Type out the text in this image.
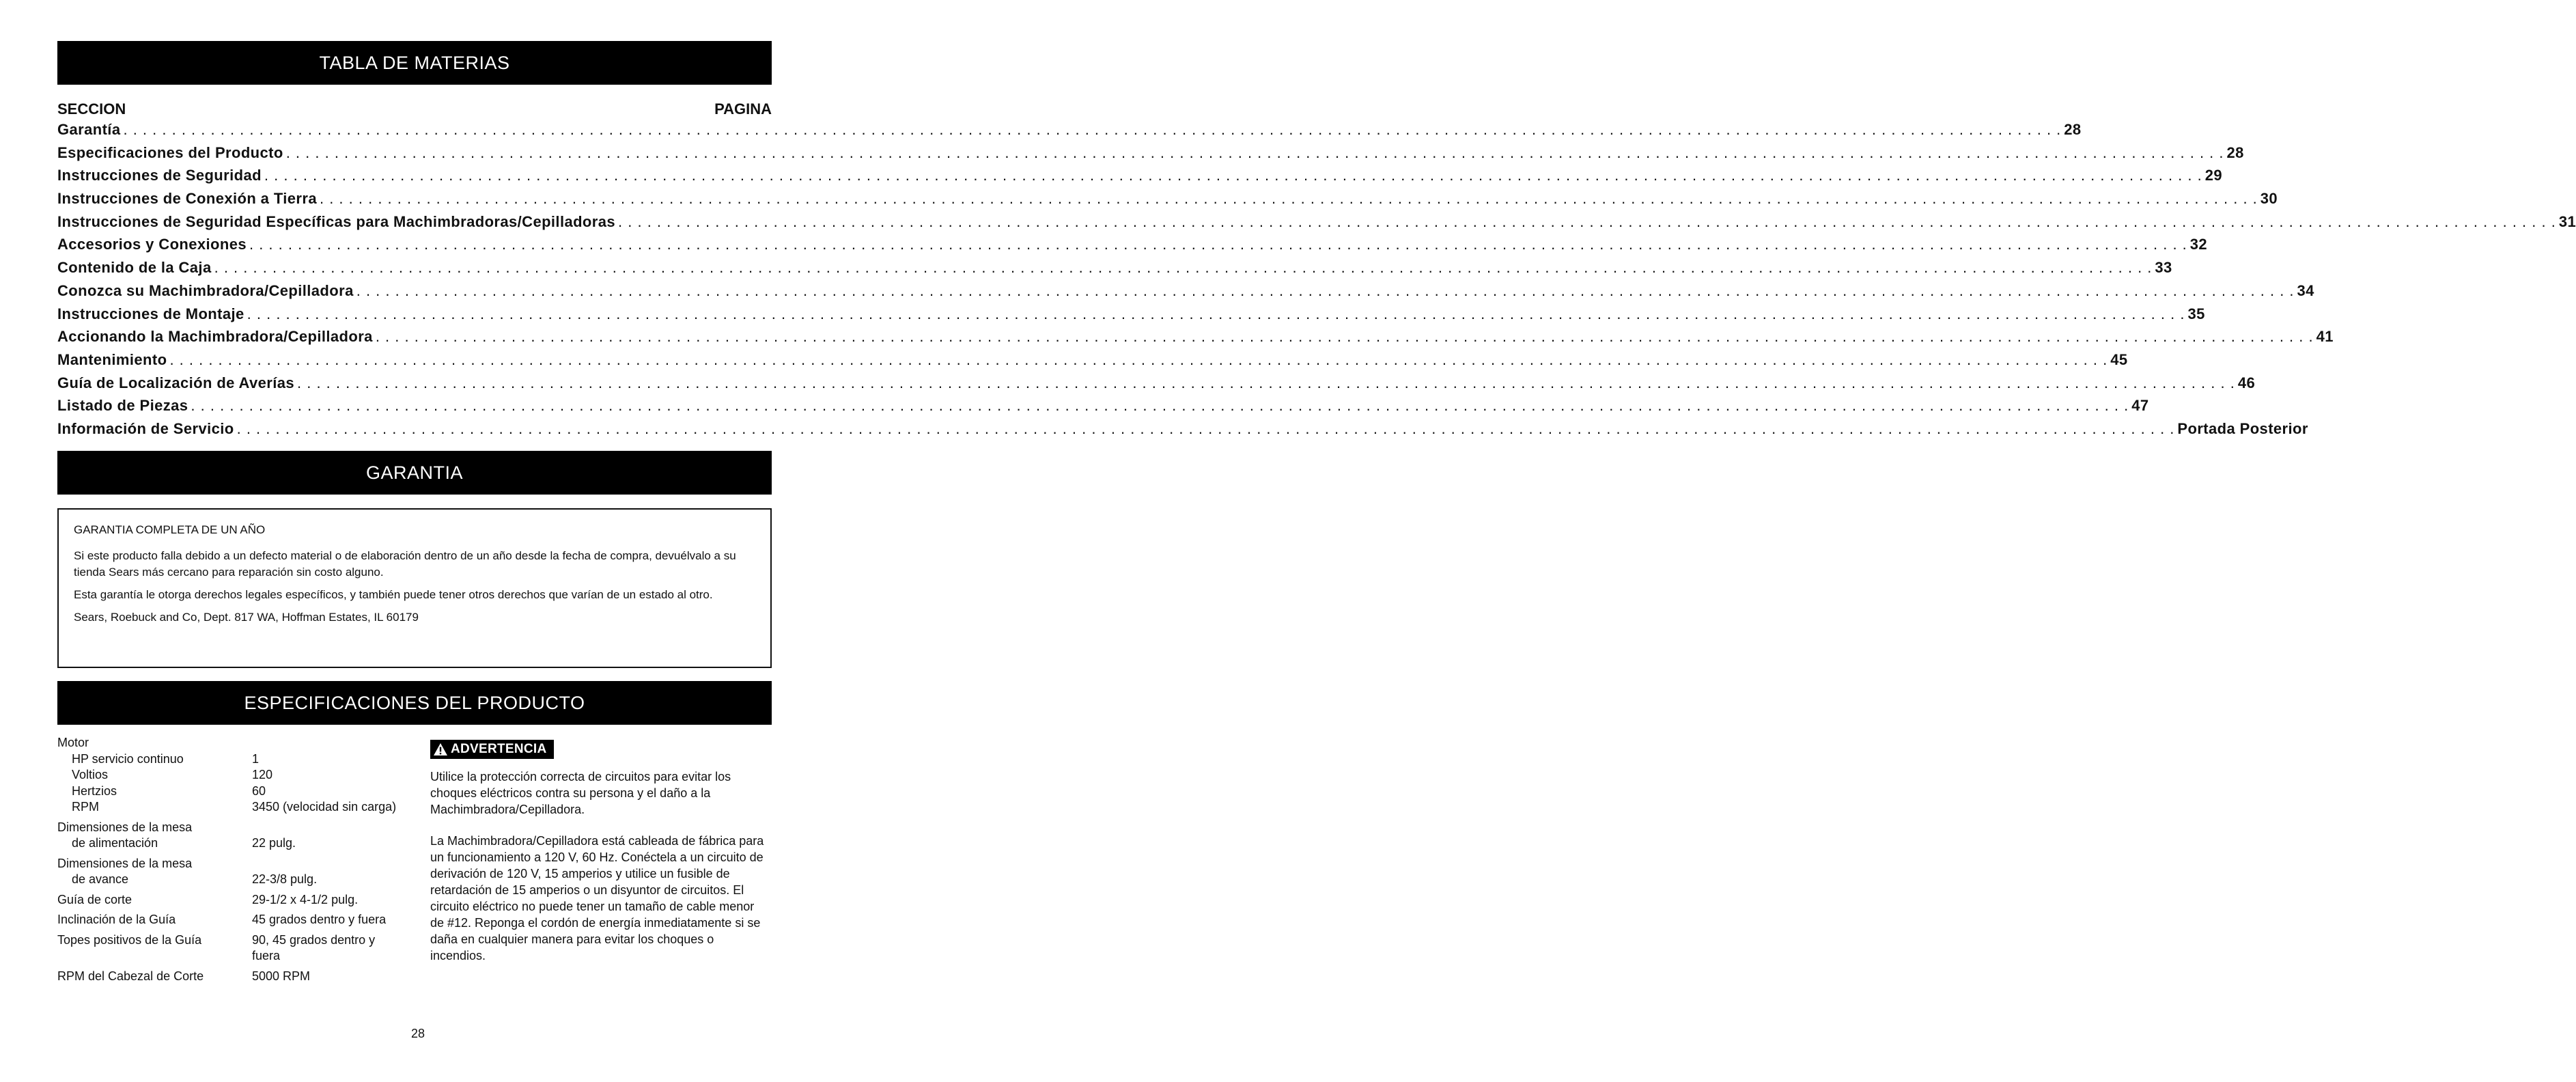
TABLA DE MATERIAS
SECCION	PAGINA
Garantía . . . . . . . . . . . . . . . . . . . . . . . . . . . . . . . . . . . . . . . . . . . . . . . . . . . . . . . . . . . . . . . . . . . . . . . . . . . . . . . . . . . . . . . . . . . . . . . . . . . . . . . . . . . . . . . . . . . . . . . . . . . . . . . . . . . . . . . . . . . . . . . . . . . . . . . . . . . . . . . . . . . . . . . . . . . . . . . . . . . . . . . . . . . . . . . . . . . . . . . . 28
Especificaciones del Producto . . . . . . . . . . . . . . . . . . . . . . . . . . . . . . . . . . . . . . . . . . . . . . . . . . . . . . . . . . . . . . . . . . . . . . . . . . . . . . . . . . . . . . . . . . . . . . . . . . . . . . . . . . . . . . . . . . . . . . . . . . . . . . . . . . . . . . . . . . . . . . . . . . . . . . . . . . . . . . . . . . . . . . . . . . . . . . . . . . . . . . . . . . . . . . . . . . . . . . . . 28
Instrucciones de Seguridad . . . . . . . . . . . . . . . . . . . . . . . . . . . . . . . . . . . . . . . . . . . . . . . . . . . . . . . . . . . . . . . . . . . . . . . . . . . . . . . . . . . . . . . . . . . . . . . . . . . . . . . . . . . . . . . . . . . . . . . . . . . . . . . . . . . . . . . . . . . . . . . . . . . . . . . . . . . . . . . . . . . . . . . . . . . . . . . . . . . . . . . . . . . . . . . . . . . . . . . . 29
Instrucciones de Conexión a Tierra . . . . . . . . . . . . . . . . . . . . . . . . . . . . . . . . . . . . . . . . . . . . . . . . . . . . . . . . . . . . . . . . . . . . . . . . . . . . . . . . . . . . . . . . . . . . . . . . . . . . . . . . . . . . . . . . . . . . . . . . . . . . . . . . . . . . . . . . . . . . . . . . . . . . . . . . . . . . . . . . . . . . . . . . . . . . . . . . . . . . . . . . . . . . . . . . . . . . . . . . 30
Instrucciones de Seguridad Específicas para Machimbradoras/Cepilladoras . . . . . . . . . . . . . . . . . . . . . . . . . . . . . . . . . . . . . . . . . . . . . . . . . . . . . . . . . . . . . . . . . . . . . . . . . . . . . . . . . . . . . . . . . . . . . . . . . . . . . . . . . . . . . . . . . . . . . . . . . . . . . . . . . . . . . . . . . . . . . . . . . . . . . . . . . . . . . . . . . . . . . . . . . . . . . . . . . . . . . . . . . . . . . . . . . . . . . . . . 31
Accesorios y Conexiones . . . . . . . . . . . . . . . . . . . . . . . . . . . . . . . . . . . . . . . . . . . . . . . . . . . . . . . . . . . . . . . . . . . . . . . . . . . . . . . . . . . . . . . . . . . . . . . . . . . . . . . . . . . . . . . . . . . . . . . . . . . . . . . . . . . . . . . . . . . . . . . . . . . . . . . . . . . . . . . . . . . . . . . . . . . . . . . . . . . . . . . . . . . . . . . . . . . . . . . . 32
Contenido de la Caja . . . . . . . . . . . . . . . . . . . . . . . . . . . . . . . . . . . . . . . . . . . . . . . . . . . . . . . . . . . . . . . . . . . . . . . . . . . . . . . . . . . . . . . . . . . . . . . . . . . . . . . . . . . . . . . . . . . . . . . . . . . . . . . . . . . . . . . . . . . . . . . . . . . . . . . . . . . . . . . . . . . . . . . . . . . . . . . . . . . . . . . . . . . . . . . . . . . . . . . . 33
Conozca su Machimbradora/Cepilladora . . . . . . . . . . . . . . . . . . . . . . . . . . . . . . . . . . . . . . . . . . . . . . . . . . . . . . . . . . . . . . . . . . . . . . . . . . . . . . . . . . . . . . . . . . . . . . . . . . . . . . . . . . . . . . . . . . . . . . . . . . . . . . . . . . . . . . . . . . . . . . . . . . . . . . . . . . . . . . . . . . . . . . . . . . . . . . . . . . . . . . . . . . . . . . . . . . . . . . . . 34
Instrucciones de Montaje . . . . . . . . . . . . . . . . . . . . . . . . . . . . . . . . . . . . . . . . . . . . . . . . . . . . . . . . . . . . . . . . . . . . . . . . . . . . . . . . . . . . . . . . . . . . . . . . . . . . . . . . . . . . . . . . . . . . . . . . . . . . . . . . . . . . . . . . . . . . . . . . . . . . . . . . . . . . . . . . . . . . . . . . . . . . . . . . . . . . . . . . . . . . . . . . . . . . . . . . 35
Accionando la Machimbradora/Cepilladora . . . . . . . . . . . . . . . . . . . . . . . . . . . . . . . . . . . . . . . . . . . . . . . . . . . . . . . . . . . . . . . . . . . . . . . . . . . . . . . . . . . . . . . . . . . . . . . . . . . . . . . . . . . . . . . . . . . . . . . . . . . . . . . . . . . . . . . . . . . . . . . . . . . . . . . . . . . . . . . . . . . . . . . . . . . . . . . . . . . . . . . . . . . . . . . . . . . . . . . . 41
Mantenimiento . . . . . . . . . . . . . . . . . . . . . . . . . . . . . . . . . . . . . . . . . . . . . . . . . . . . . . . . . . . . . . . . . . . . . . . . . . . . . . . . . . . . . . . . . . . . . . . . . . . . . . . . . . . . . . . . . . . . . . . . . . . . . . . . . . . . . . . . . . . . . . . . . . . . . . . . . . . . . . . . . . . . . . . . . . . . . . . . . . . . . . . . . . . . . . . . . . . . . . . . 45
Guía de Localización de Averías . . . . . . . . . . . . . . . . . . . . . . . . . . . . . . . . . . . . . . . . . . . . . . . . . . . . . . . . . . . . . . . . . . . . . . . . . . . . . . . . . . . . . . . . . . . . . . . . . . . . . . . . . . . . . . . . . . . . . . . . . . . . . . . . . . . . . . . . . . . . . . . . . . . . . . . . . . . . . . . . . . . . . . . . . . . . . . . . . . . . . . . . . . . . . . . . . . . . . . . . 46
Listado de Piezas . . . . . . . . . . . . . . . . . . . . . . . . . . . . . . . . . . . . . . . . . . . . . . . . . . . . . . . . . . . . . . . . . . . . . . . . . . . . . . . . . . . . . . . . . . . . . . . . . . . . . . . . . . . . . . . . . . . . . . . . . . . . . . . . . . . . . . . . . . . . . . . . . . . . . . . . . . . . . . . . . . . . . . . . . . . . . . . . . . . . . . . . . . . . . . . . . . . . . . . . 47
Información de Servicio . . . . . . . . . . . . . . . . . . . . . . . . . . . . . . . . . . . . . . . . . . . . . . . . . . . . . . . . . . . . . . . . . . . . . . . . . . . . . . . . . . . . . . . . . . . . . . . . . . . . . . . . . . . . . . . . . . . . . . . . . . . . . . . . . . . . . . . . . . . . . . . . . . . . . . . . . . . . . . . . . . . . . . . . . . . . . . . . . . . . . . . . . . . . . . . . . . . . . . . . Portada Posterior
GARANTIA

GARANTIA COMPLETA DE UN AÑO

Si este producto falla debido a un defecto material o de elaboración dentro de un año desde la fecha de compra, devuélvalo a su tienda Sears más cercano para reparación sin costo alguno.

Esta garantía le otorga derechos legales específicos, y también puede tener otros derechos que varían de un estado al otro.

Sears, Roebuck and Co, Dept. 817 WA, Hoffman Estates, IL 60179

ESPECIFICACIONES DEL PRODUCTO
Motor
HP servicio continuo	1
Voltios	120
Hertzios	60
RPM	3450 (velocidad sin carga)
Dimensiones de la mesa
de alimentación	22 pulg.
Dimensiones de la mesa
de avance	22-3/8 pulg.
Guía de corte	29-1/2 x 4-1/2 pulg.
Inclinación de la Guía	45 grados dentro y fuera
Topes positivos de la Guía	90, 45 grados dentro y
fuera
RPM del Cabezal de Corte	5000 RPM
ADVERTENCIA

Utilice la protección correcta de circuitos para evitar los choques eléctricos contra su persona y el daño a la Machimbradora/Cepilladora.

La Machimbradora/Cepilladora está cableada de fábrica para un funcionamiento a 120 V, 60 Hz. Conéctela a un circuito de derivación de 120 V, 15 amperios y utilice un fusible de retardación de 15 amperios o un disyuntor de circuitos. El circuito eléctrico no puede tener un tamaño de cable menor de #12. Reponga el cordón de energía inmediatamente si se daña en cualquier manera para evitar los choques o incendios.

28
